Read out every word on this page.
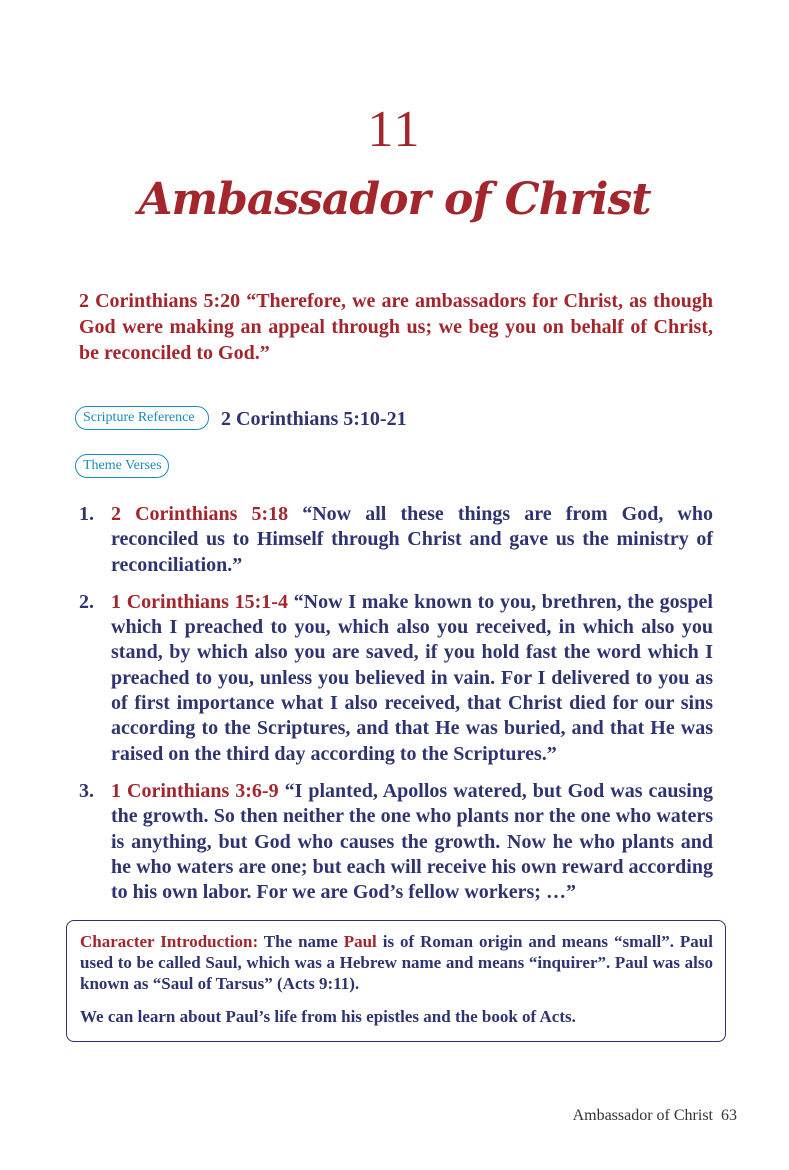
11
Ambassador of Christ
2 Corinthians 5:20 “Therefore, we are ambassadors for Christ, as though God were making an appeal through us; we beg you on behalf of Christ, be reconciled to God.”
Scripture Reference	2 Corinthians 5:10-21
Theme Verses
1. 2 Corinthians 5:18 “Now all these things are from God, who reconciled us to Himself through Christ and gave us the ministry of reconciliation.”
2. 1 Corinthians 15:1-4 “Now I make known to you, brethren, the gospel which I preached to you, which also you received, in which also you stand, by which also you are saved, if you hold fast the word which I preached to you, unless you believed in vain. For I delivered to you as of first importance what I also received, that Christ died for our sins according to the Scriptures, and that He was buried, and that He was raised on the third day according to the Scriptures.”
3. 1 Corinthians 3:6-9 “I planted, Apollos watered, but God was causing the growth. So then neither the one who plants nor the one who waters is anything, but God who causes the growth. Now he who plants and he who waters are one; but each will receive his own reward according to his own labor. For we are God’s fellow workers; …”

Character Introduction: The name Paul is of Roman origin and means “small”. Paul used to be called Saul, which was a Hebrew name and means “inquirer”. Paul was also known as “Saul of Tarsus” (Acts 9:11).

We can learn about Paul’s life from his epistles and the book of Acts.

Ambassador of Christ 63
